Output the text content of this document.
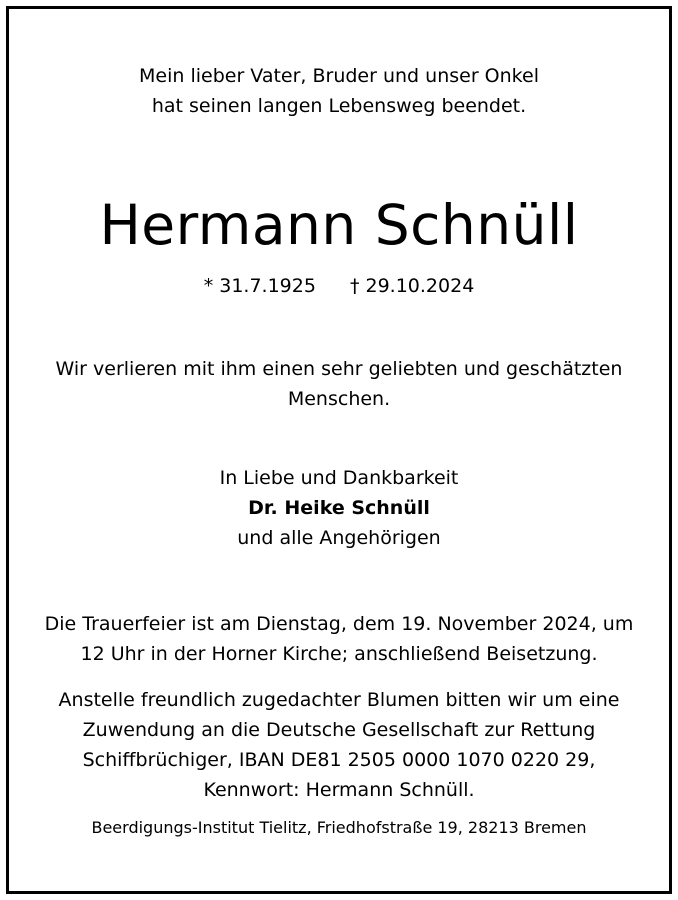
Mein lieber Vater, Bruder und unser Onkel
hat seinen langen Lebensweg beendet.
Hermann Schnüll
* 31.7.1925 † 29.10.2024
Wir verlieren mit ihm einen sehr geliebten und geschätzten
Menschen.
In Liebe und Dankbarkeit
Dr. Heike Schnüll
und alle Angehörigen
Die Trauerfeier ist am Dienstag, dem 19. November 2024, um
12 Uhr in der Horner Kirche; anschließend Beisetzung.
Anstelle freundlich zugedachter Blumen bitten wir um eine
Zuwendung an die Deutsche Gesellschaft zur Rettung
Schiffbrüchiger, IBAN DE81 2505 0000 1070 0220 29,
Kennwort: Hermann Schnüll.
Beerdigungs-Institut Tielitz, Friedhofstraße 19, 28213 Bremen
